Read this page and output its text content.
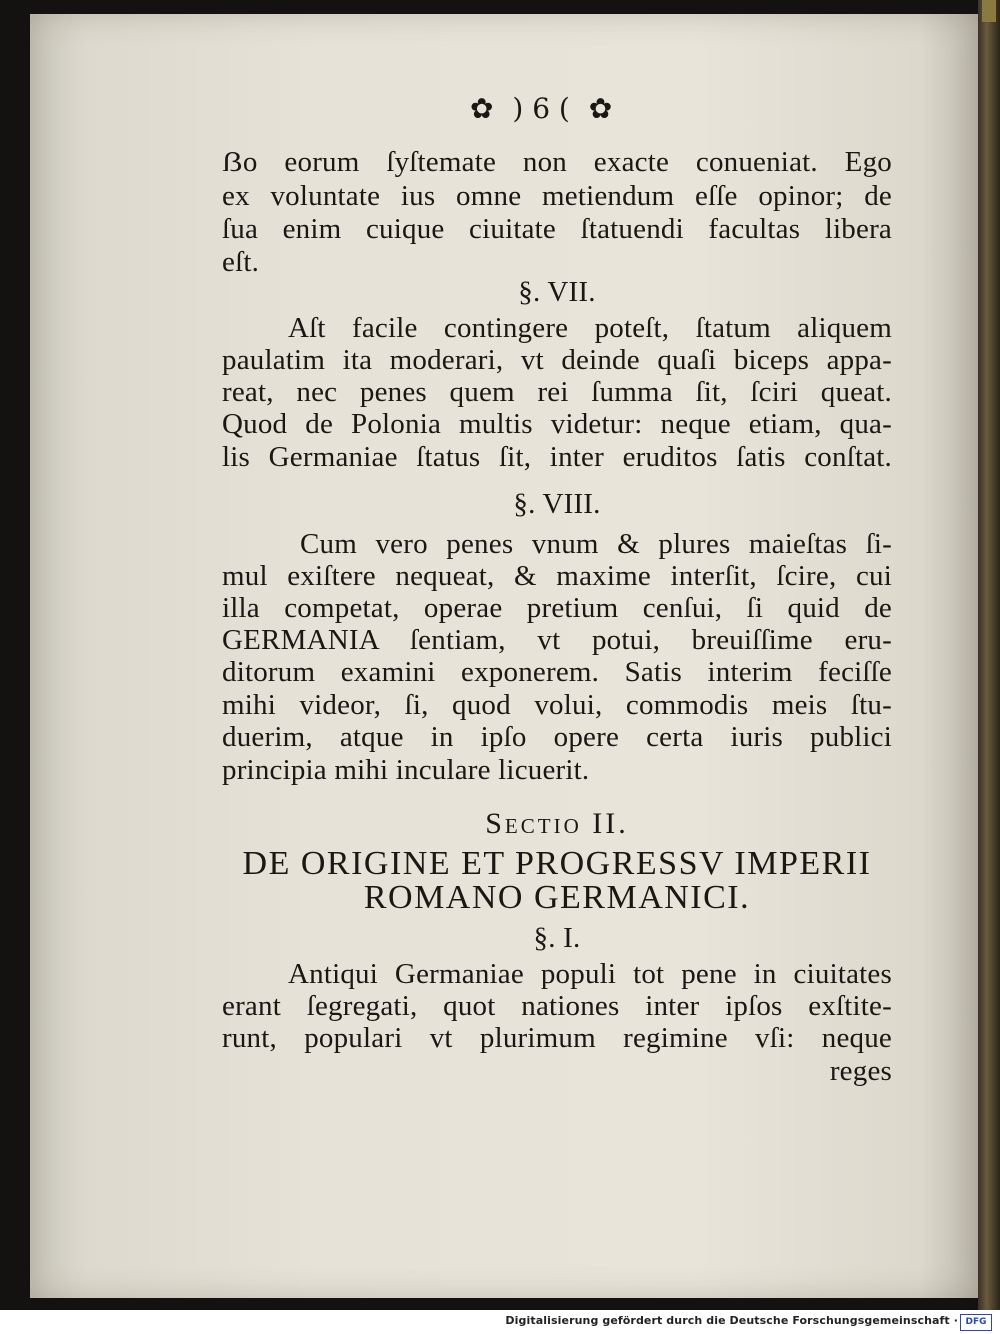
✿ ) 6 ( ✿
ẞo eorum ſyſtemate non exacte conueniat. Ego
ex voluntate ius omne metiendum eſſe opinor; de
ſua enim cuique ciuitate ſtatuendi facultas libera
eſt.
§. VII.
Aſt facile contingere poteſt, ſtatum aliquem
paulatim ita moderari, vt deinde quaſi biceps appa-
reat, nec penes quem rei ſumma ſit, ſciri queat.
Quod de Polonia multis videtur: neque etiam, qua-
lis Germaniae ſtatus ſit, inter eruditos ſatis conſtat.
§. VIII.
Cum vero penes vnum & plures maieſtas ſi-
mul exiſtere nequeat, & maxime interſit, ſcire, cui
illa competat, operae pretium cenſui, ſi quid de
GERMANIA ſentiam, vt potui, breuiſſime eru-
ditorum examini exponerem. Satis interim feciſſe
mihi videor, ſi, quod volui, commodis meis ſtu-
duerim, atque in ipſo opere certa iuris publici
principia mihi inculare licuerit.
Sectio II.
DE ORIGINE ET PROGRESSV IMPERII
ROMANO GERMANICI.
§. I.
Antiqui Germaniae populi tot pene in ciuitates
erant ſegregati, quot nationes inter ipſos exſtite-
runt, populari vt plurimum regimine vſi: neque
reges
Digitalisierung gefördert durch die Deutsche Forschungsgemeinschaft · DFG
